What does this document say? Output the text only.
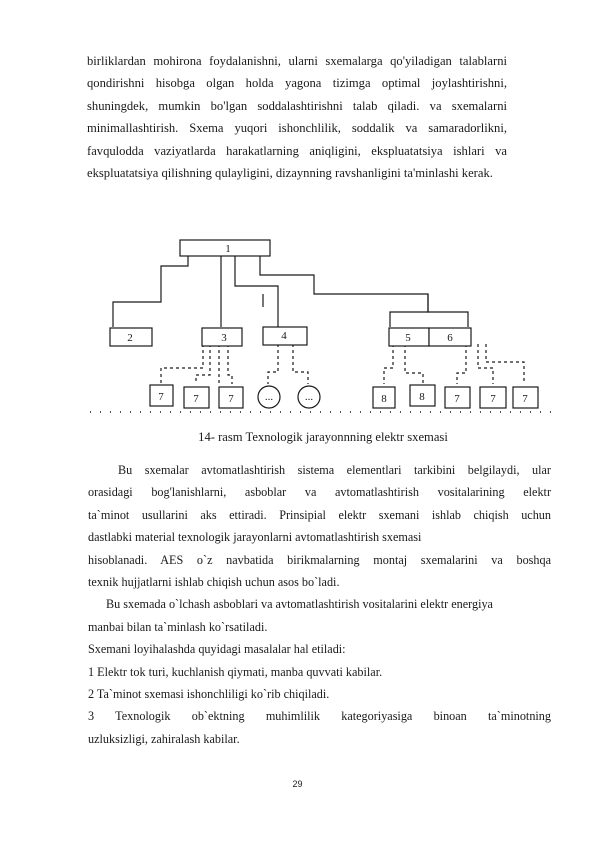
birliklardan mohirona foydalanishni, ularni sxemalarga qo'yiladigan talablarni qondirishni hisobga olgan holda yagona tizimga optimal joylashtirishni, shuningdek, mumkin bo'lgan soddalashtirishni talab qiladi. va sxemalarni minimallashtirish. Sxema yuqori ishonchlilik, soddalik va samaradorlikni, favqulodda vaziyatlarda harakatlarning aniqligini, ekspluatatsiya ishlari va ekspluatatsiya qilishning qulayligini, dizaynning ravshanligini ta'minlashi kerak.
1
2	3	4	5	6
7	7	7	...	...	8	8	7	7 7
14- rasm Texnologik jarayonnning elektr sxemasi
Bu sxemalar avtomatlashtirish sistema elementlari tarkibini belgilaydi, ular
orasidagi bog'lanishlarni, asboblar va avtomatlashtirish vositalarining elektr
ta`minot usullarini aks ettiradi. Prinsipial elektr sxemani ishlab chiqish uchun
dastlabki material texnologik jarayonlarni avtomatlashtirish sxemasi
hisoblanadi. AES o`z navbatida birikmalarning montaj sxemalarini va boshqa
texnik hujjatlarni ishlab chiqish uchun asos bo`ladi.
Bu sxemada o`lchash asboblari va avtomatlashtirish vositalarini elektr energiya
manbai bilan ta`minlash ko`rsatiladi.
Sxemani loyihalashda quyidagi masalalar hal etiladi:
1 Elektr tok turi, kuchlanish qiymati, manba quvvati kabilar.
2 Ta`minot sxemasi ishonchliligi ko`rib chiqiladi.
3 Texnologik ob`ektning muhimlilik kategoriyasiga binoan ta`minotning
uzluksizligi, zahiralash kabilar.
29
